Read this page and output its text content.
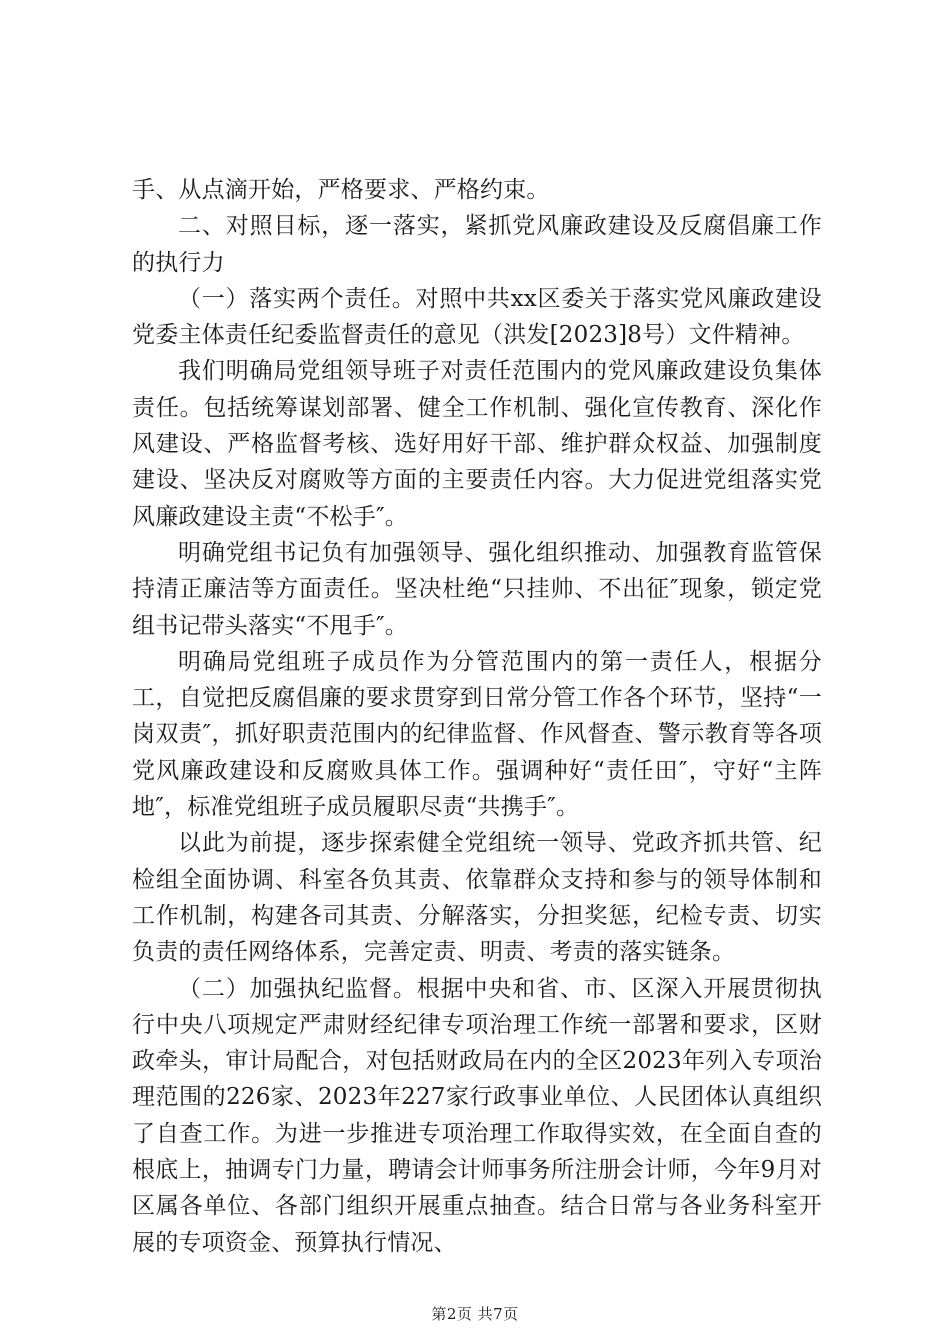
手、从点滴开始，严格要求、严格约束。

二、对照目标，逐一落实，紧抓党风廉政建设及反腐倡廉工作的执行力

（一）落实两个责任。对照中共xx区委关于落实党风廉政建设党委主体责任纪委监督责任的意见（洪发[2023]8号）文件精神。

我们明确局党组领导班子对责任范围内的党风廉政建设负集体责任。包括统筹谋划部署、健全工作机制、强化宣传教育、深化作风建设、严格监督考核、选好用好干部、维护群众权益、加强制度建设、坚决反对腐败等方面的主要责任内容。大力促进党组落实党风廉政建设主责“不松手″。

明确党组书记负有加强领导、强化组织推动、加强教育监管保持清正廉洁等方面责任。坚决杜绝“只挂帅、不出征″现象，锁定党组书记带头落实“不甩手″。

明确局党组班子成员作为分管范围内的第一责任人，根据分工，自觉把反腐倡廉的要求贯穿到日常分管工作各个环节，坚持“一岗双责″，抓好职责范围内的纪律监督、作风督查、警示教育等各项党风廉政建设和反腐败具体工作。强调种好“责任田″，守好“主阵地″，标准党组班子成员履职尽责“共携手″。

以此为前提，逐步探索健全党组统一领导、党政齐抓共管、纪检组全面协调、科室各负其责、依靠群众支持和参与的领导体制和工作机制，构建各司其责、分解落实，分担奖惩，纪检专责、切实负责的责任网络体系，完善定责、明责、考责的落实链条。

（二）加强执纪监督。根据中央和省、市、区深入开展贯彻执行中央八项规定严肃财经纪律专项治理工作统一部署和要求，区财政牵头，审计局配合，对包括财政局在内的全区2023年列入专项治理范围的226家、2023年227家行政事业单位、人民团体认真组织了自查工作。为进一步推进专项治理工作取得实效，在全面自查的根底上，抽调专门力量，聘请会计师事务所注册会计师，今年9月对区属各单位、各部门组织开展重点抽查。结合日常与各业务科室开展的专项资金、预算执行情况、

第2页 共7页
